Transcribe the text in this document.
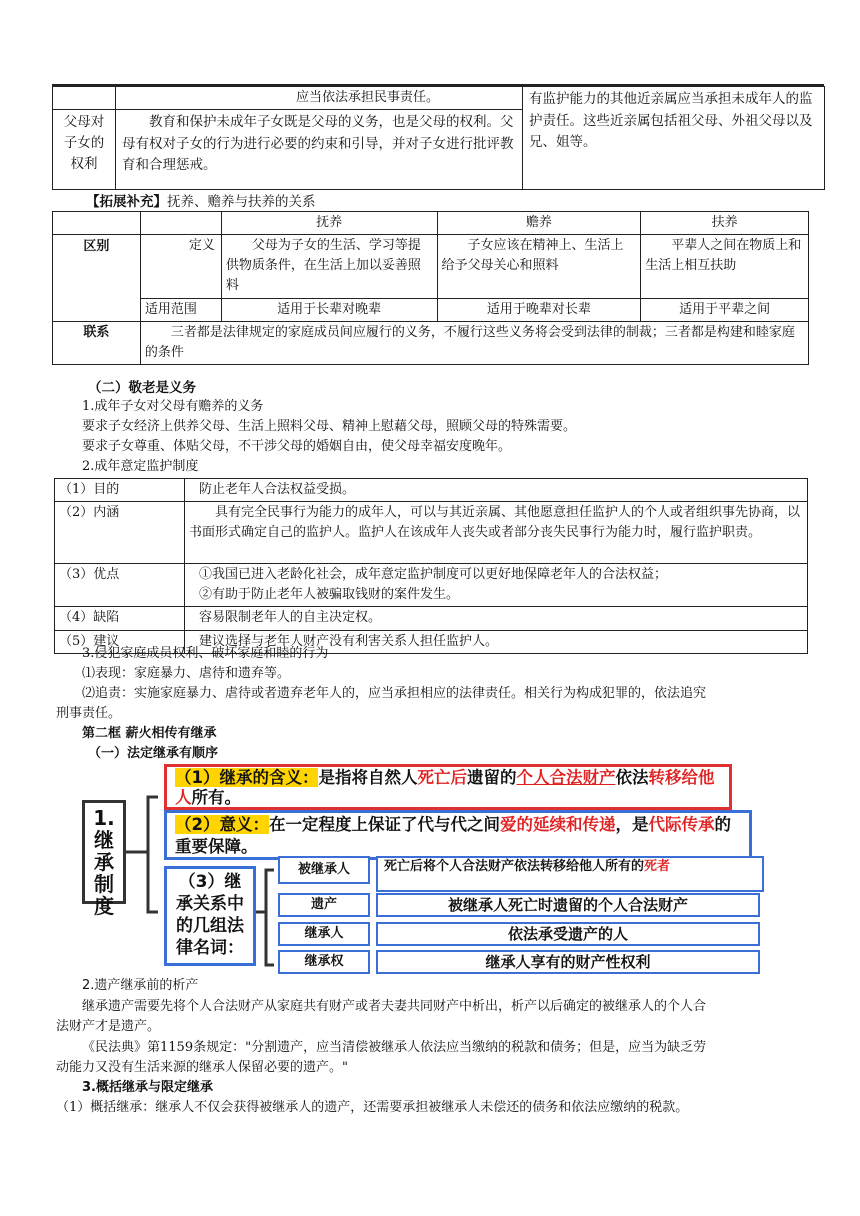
	应当依法承担民事责任。	有监护能力的其他近亲属应当承担未成年人的监护责任。这些近亲属包括祖父母、外祖父母以及兄、姐等。
父母对子女的权利	教育和保护未成年子女既是父母的义务，也是父母的权利。父母有权对子女的行为进行必要的约束和引导，并对子女进行批评教育和合理惩戒。	
【拓展补充】抚养、赡养与扶养的关系
		抚养	赡养	扶养
区别	定义	父母为子女的生活、学习等提供物质条件，在生活上加以妥善照料	子女应该在精神上、生活上给予父母关心和照料	平辈人之间在物质上和生活上相互扶助
	适用范围	适用于长辈对晚辈	适用于晚辈对长辈	适用于平辈之间
联系	三者都是法律规定的家庭成员间应履行的义务，不履行这些义务将会受到法律的制裁；三者都是构建和睦家庭的条件			
（二）敬老是义务
1.成年子女对父母有赡养的义务
要求子女经济上供养父母、生活上照料父母、精神上慰藉父母，照顾父母的特殊需要。
要求子女尊重、体贴父母，不干涉父母的婚姻自由，使父母幸福安度晚年。
2.成年意定监护制度
（1）目的	防止老年人合法权益受损。
（2）内涵	具有完全民事行为能力的成年人，可以与其近亲属、其他愿意担任监护人的个人或者组织事先协商，以书面形式确定自己的监护人。监护人在该成年人丧失或者部分丧失民事行为能力时，履行监护职责。
（3）优点	①我国已进入老龄化社会，成年意定监护制度可以更好地保障老年人的合法权益；
②有助于防止老年人被骗取钱财的案件发生。

（4）缺陷	容易限制老年人的自主决定权。
（5）建议	建议选择与老年人财产没有利害关系人担任监护人。
3.侵犯家庭成员权利、破坏家庭和睦的行为
⑴表现：家庭暴力、虐待和遗弃等。
⑵追责：实施家庭暴力、虐待或者遗弃老年人的，应当承担相应的法律责任。相关行为构成犯罪的，依法追究
刑事责任。
第二框 薪火相传有继承
（一）法定继承有顺序
1.继承制度
（1）继承的含义：是指将自然人死亡后遗留的个人合法财产依法转移给他人所有。
（2）意义：在一定程度上保证了代与代之间爱的延续和传递，是代际传承的重要保障。
（3）继承关系中的几组法律名词：
被继承人	死亡后将个人合法财产依法转移给他人所有的死者
遗产	被继承人死亡时遗留的个人合法财产
继承人	依法承受遗产的人
继承权	继承人享有的财产性权利
2.遗产继承前的析产
继承遗产需要先将个人合法财产从家庭共有财产或者夫妻共同财产中析出，析产以后确定的被继承人的个人合
法财产才是遗产。
《民法典》第1159条规定："分割遗产，应当清偿被继承人依法应当缴纳的税款和债务；但是，应当为缺乏劳
动能力又没有生活来源的继承人保留必要的遗产。"
3.概括继承与限定继承
（1）概括继承：继承人不仅会获得被继承人的遗产，还需要承担被继承人未偿还的债务和依法应缴纳的税款。
